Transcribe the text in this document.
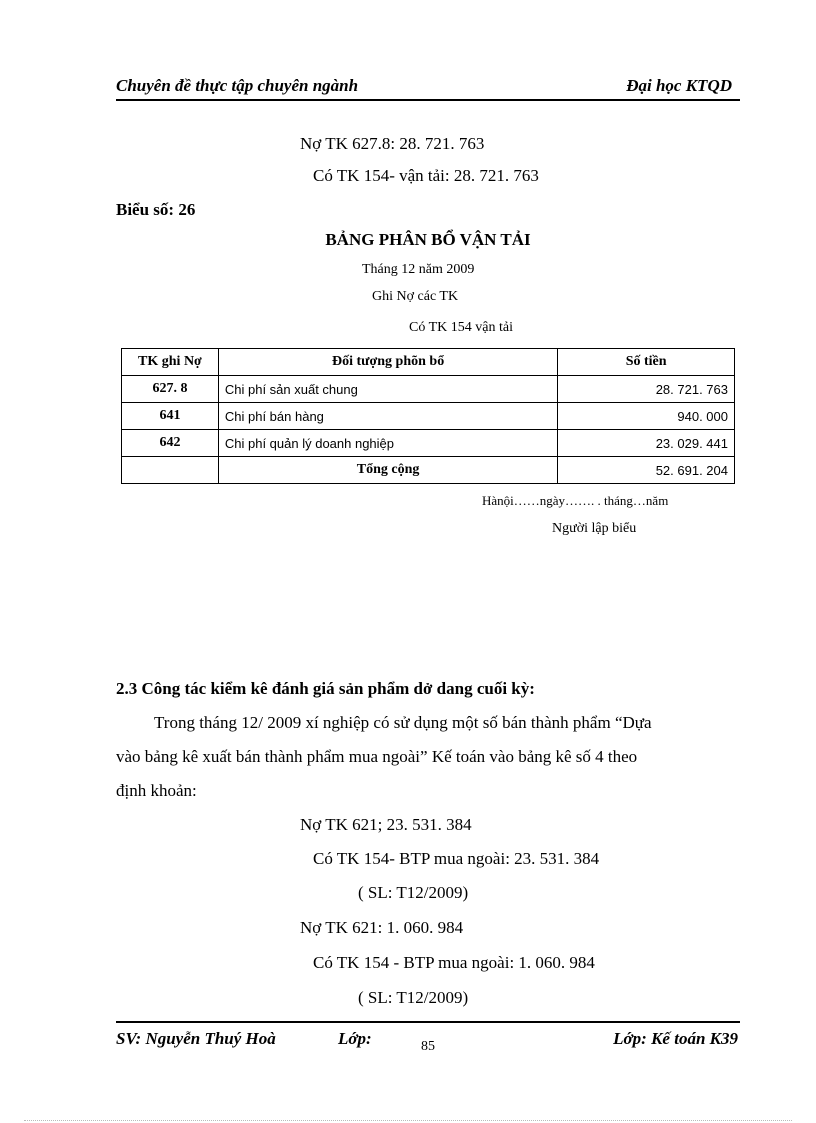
Chuyên đề thực tập chuyên ngành	Đại học KTQD
Nợ TK 627.8: 28. 721. 763
Có TK 154- vận tải: 28. 721. 763
Biểu số: 26
BẢNG PHÂN BỔ VẬN TẢI
Tháng 12 năm 2009
Ghi Nợ các TK
Có TK 154 vận tải
TK ghi Nợ	Đối tượng phõn bổ	Số tiền
627. 8	Chi phí sản xuất chung	28. 721. 763
641	Chi phí bán hàng	940. 000
642	Chi phí quản lý doanh nghiệp	23. 029. 441
	Tổng cộng	52. 691. 204
Hànội……ngày……. . tháng…năm
Người lập biểu
2.3 Công tác kiểm kê đánh giá sản phẩm dở dang cuối kỳ:
Trong tháng 12/ 2009 xí nghiệp có sử dụng một số bán thành phẩm “Dựa
vào bảng kê xuất bán thành phẩm mua ngoài” Kế toán vào bảng kê số 4 theo
định khoản:
Nợ TK 621; 23. 531. 384
Có TK 154- BTP mua ngoài: 23. 531. 384
( SL: T12/2009)
Nợ TK 621: 1. 060. 984
Có TK 154 - BTP mua ngoài: 1. 060. 984
( SL: T12/2009)
SV: Nguyễn Thuý Hoà	Lớp:	85	Lớp: Kế toán K39
